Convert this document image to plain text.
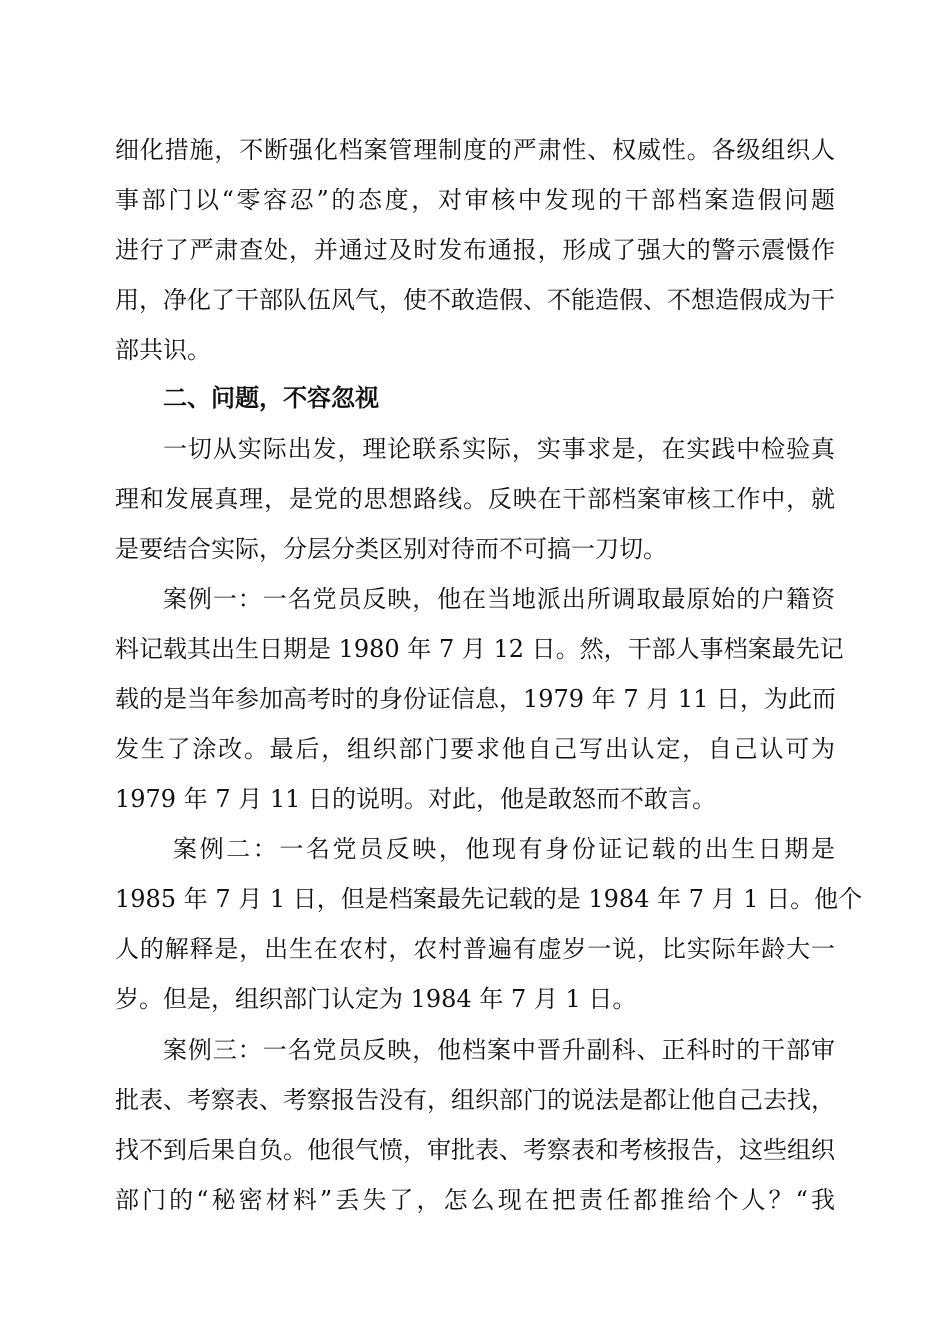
细化措施，不断强化档案管理制度的严肃性、权威性。各级组织人
事部门以“零容忍”的态度，对审核中发现的干部档案造假问题
进行了严肃查处，并通过及时发布通报，形成了强大的警示震慑作
用，净化了干部队伍风气，使不敢造假、不能造假、不想造假成为干
部共识。
二、问题，不容忽视
一切从实际出发，理论联系实际，实事求是，在实践中检验真
理和发展真理，是党的思想路线。反映在干部档案审核工作中，就
是要结合实际，分层分类区别对待而不可搞一刀切。
案例一：一名党员反映，他在当地派出所调取最原始的户籍资
料记载其出生日期是 1980 年 7 月 12 日。然，干部人事档案最先记
载的是当年参加高考时的身份证信息，1979 年 7 月 11 日，为此而
发生了涂改。最后，组织部门要求他自己写出认定，自己认可为
1979 年 7 月 11 日的说明。对此，他是敢怒而不敢言。
案例二：一名党员反映，他现有身份证记载的出生日期是
1985 年 7 月 1 日，但是档案最先记载的是 1984 年 7 月 1 日。他个
人的解释是，出生在农村，农村普遍有虚岁一说，比实际年龄大一
岁。但是，组织部门认定为 1984 年 7 月 1 日。
案例三：一名党员反映，他档案中晋升副科、正科时的干部审
批表、考察表、考察报告没有，组织部门的说法是都让他自己去找，
找不到后果自负。他很气愤，审批表、考察表和考核报告，这些组织
部门的“秘密材料”丢失了，怎么现在把责任都推给个人？“我
